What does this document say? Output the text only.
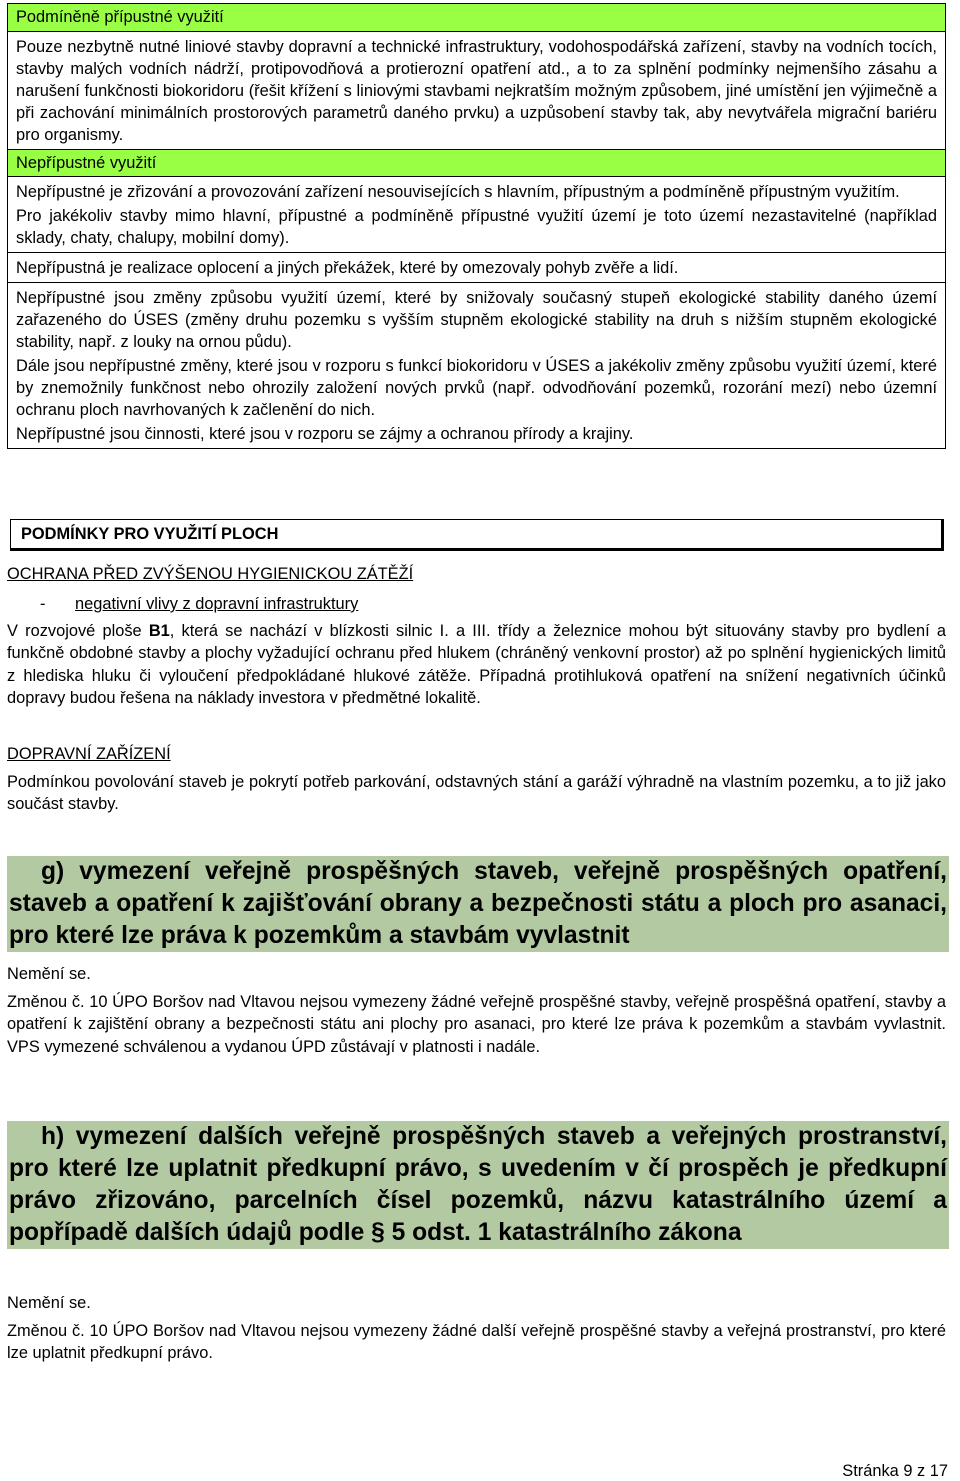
Podmíněně přípustné využití

Pouze nezbytně nutné liniové stavby dopravní a technické infrastruktury, vodohospodářská zařízení, stavby na vodních tocích, stavby malých vodních nádrží, protipovodňová a protierozní opatření atd., a to za splnění podmínky nejmenšího zásahu a narušení funkčnosti biokoridoru (řešit křížení s liniovými stavbami nejkratším možným způsobem, jiné umístění jen výjimečně a při zachování minimálních prostorových parametrů daného prvku) a uzpůsobení stavby tak, aby nevytvářela migrační bariéru pro organismy.

Nepřípustné využití

Nepřípustné je zřizování a provozování zařízení nesouvisejících s hlavním, přípustným a podmíněně přípustným využitím.

Pro jakékoliv stavby mimo hlavní, přípustné a podmíněně přípustné využití území je toto území nezastavitelné (například sklady, chaty, chalupy, mobilní domy).

Nepřípustná je realizace oplocení a jiných překážek, které by omezovaly pohyb zvěře a lidí.

Nepřípustné jsou změny způsobu využití území, které by snižovaly současný stupeň ekologické stability daného území zařazeného do ÚSES (změny druhu pozemku s vyšším stupněm ekologické stability na druh s nižším stupněm ekologické stability, např. z louky na ornou půdu).

Dále jsou nepřípustné změny, které jsou v rozporu s funkcí biokoridoru v ÚSES a jakékoliv změny způsobu využití území, které by znemožnily funkčnost nebo ohrozily založení nových prvků (např. odvodňování pozemků, rozorání mezí) nebo územní ochranu ploch navrhovaných k začlenění do nich.

Nepřípustné jsou činnosti, které jsou v rozporu se zájmy a ochranou přírody a krajiny.

PODMÍNKY PRO VYUŽITÍ PLOCH
OCHRANA PŘED ZVÝŠENOU HYGIENICKOU ZÁTĚŽÍ
- negativní vlivy z dopravní infrastruktury
V rozvojové ploše B1, která se nachází v blízkosti silnic I. a III. třídy a železnice mohou být situovány stavby pro bydlení a funkčně obdobné stavby a plochy vyžadující ochranu před hlukem (chráněný venkovní prostor) až po splnění hygienických limitů z hlediska hluku či vyloučení předpokládané hlukové zátěže. Případná protihluková opatření na snížení negativních účinků dopravy budou řešena na náklady investora v předmětné lokalitě.
DOPRAVNÍ ZAŘÍZENÍ
Podmínkou povolování staveb je pokrytí potřeb parkování, odstavných stání a garáží výhradně na vlastním pozemku, a to již jako součást stavby.
g) vymezení veřejně prospěšných staveb, veřejně prospěšných opatření, staveb a opatření k zajišťování obrany a bezpečnosti státu a ploch pro asanaci, pro které lze práva k pozemkům a stavbám vyvlastnit
Nemění se.
Změnou č. 10 ÚPO Boršov nad Vltavou nejsou vymezeny žádné veřejně prospěšné stavby, veřejně prospěšná opatření, stavby a opatření k zajištění obrany a bezpečnosti státu ani plochy pro asanaci, pro které lze práva k pozemkům a stavbám vyvlastnit. VPS vymezené schválenou a vydanou ÚPD zůstávají v platnosti i nadále.
h) vymezení dalších veřejně prospěšných staveb a veřejných prostranství, pro které lze uplatnit předkupní právo, s uvedením v čí prospěch je předkupní právo zřizováno, parcelních čísel pozemků, názvu katastrálního území a popřípadě dalších údajů podle § 5 odst. 1 katastrálního zákona
Nemění se.
Změnou č. 10 ÚPO Boršov nad Vltavou nejsou vymezeny žádné další veřejně prospěšné stavby a veřejná prostranství, pro které lze uplatnit předkupní právo.
Stránka 9 z 17
